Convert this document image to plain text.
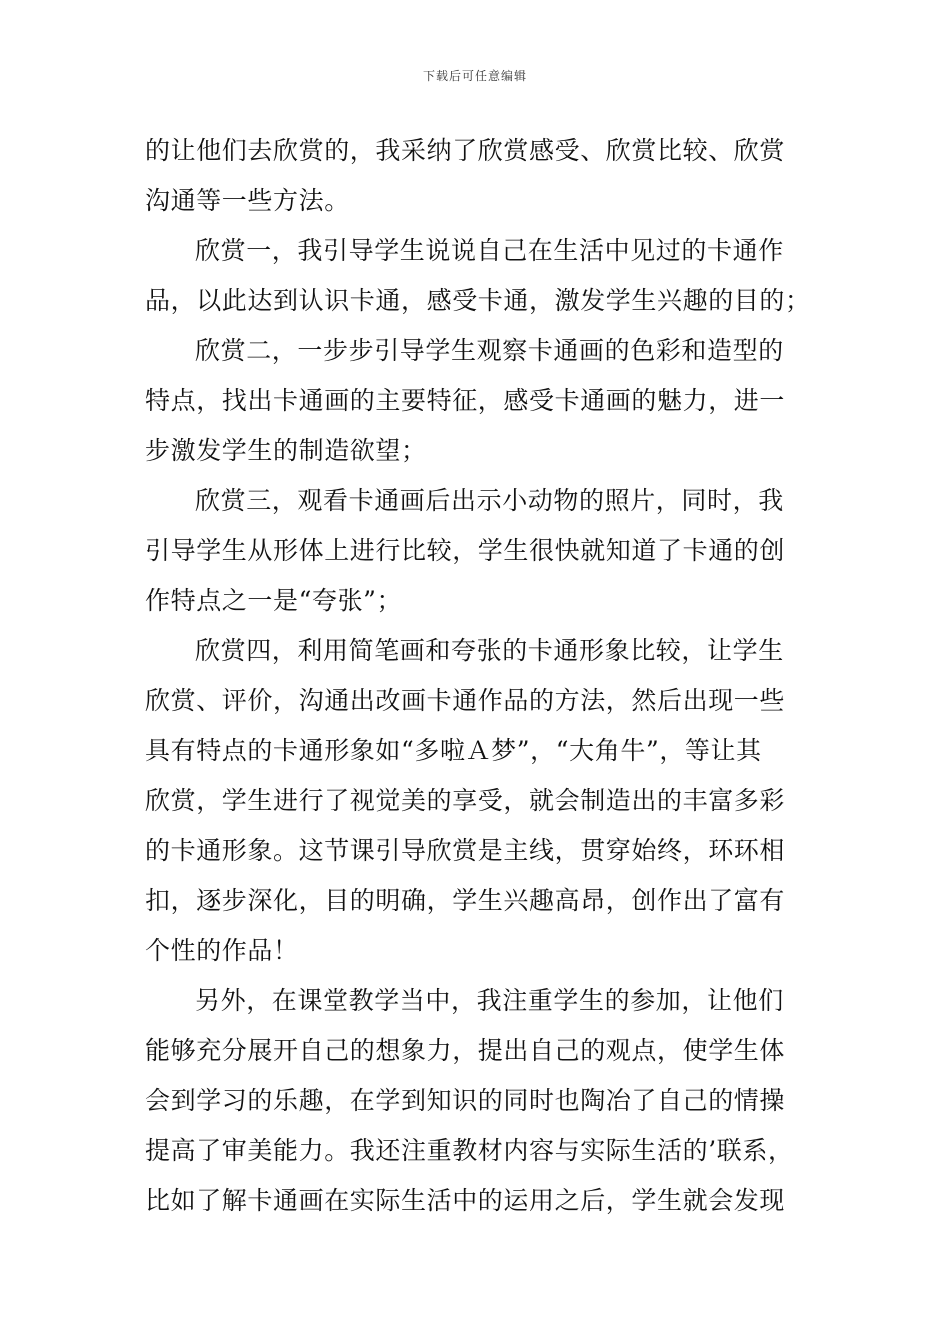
下载后可任意编辑
的让他们去欣赏的，我采纳了欣赏感受、欣赏比较、欣赏
沟通等一些方法。
欣赏一，我引导学生说说自己在生活中见过的卡通作
品，以此达到认识卡通，感受卡通，激发学生兴趣的目的；
欣赏二，一步步引导学生观察卡通画的色彩和造型的
特点，找出卡通画的主要特征，感受卡通画的魅力，进一
步激发学生的制造欲望；
欣赏三，观看卡通画后出示小动物的照片，同时，我
引导学生从形体上进行比较，学生很快就知道了卡通的创
作特点之一是“夸张”；
欣赏四，利用简笔画和夸张的卡通形象比较，让学生
欣赏、评价，沟通出改画卡通作品的方法，然后出现一些
具有特点的卡通形象如“多啦Ａ梦”，“大角牛”，等让其
欣赏，学生进行了视觉美的享受，就会制造出的丰富多彩
的卡通形象。这节课引导欣赏是主线，贯穿始终，环环相
扣，逐步深化，目的明确，学生兴趣高昂，创作出了富有
个性的作品！
另外，在课堂教学当中，我注重学生的参加，让他们
能够充分展开自己的想象力，提出自己的观点，使学生体
会到学习的乐趣，在学到知识的同时也陶冶了自己的情操
提高了审美能力。我还注重教材内容与实际生活的’联系，
比如了解卡通画在实际生活中的运用之后，学生就会发现
